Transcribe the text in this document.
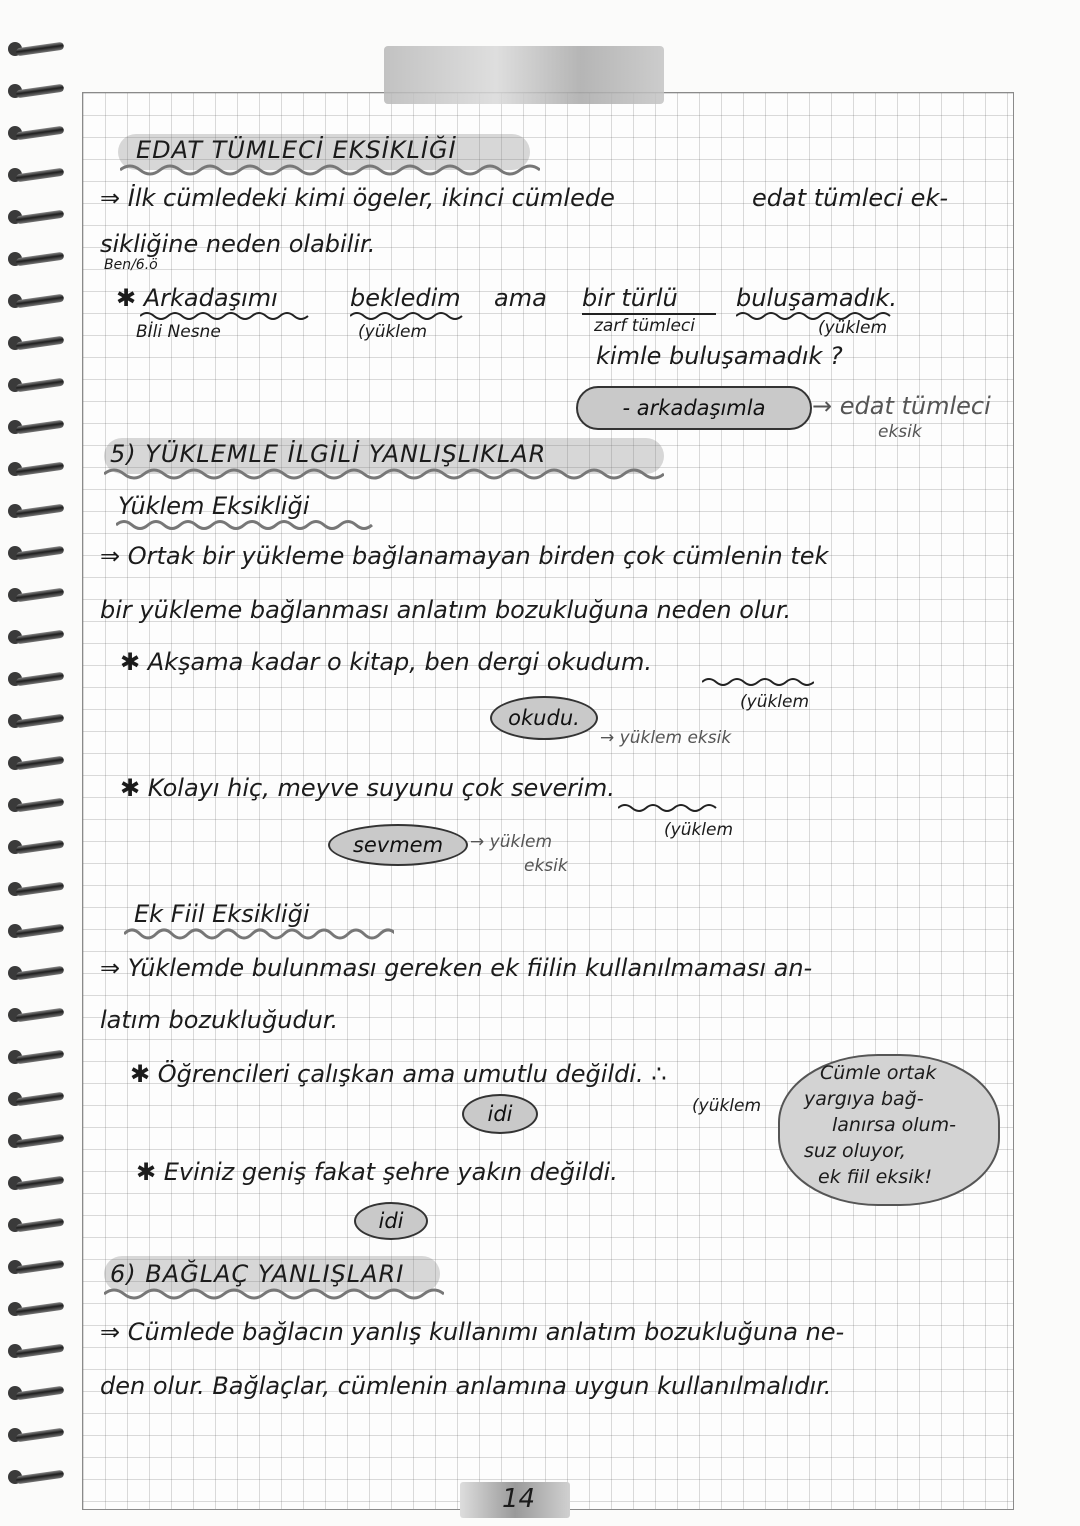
EDAT TÜMLECİ EKSİKLİĞİ
⇒ İlk cümledeki kimi ögeler, ikinci cümlede	edat tümleci ek-
sikliğine neden olabilir.
Ben/6.ö
✱ Arkadaşımı	bekledim ama bir türlü buluşamadık.
Bİli Nesne	(yüklem	zarf tümleci	(yüklem
kimle buluşamadık ?
- arkadaşımla → edat tümleci
eksik
5) YÜKLEMLE İLGİLİ YANLIŞLIKLAR
Yüklem Eksikliği
⇒ Ortak bir yükleme bağlanamayan birden çok cümlenin tek
bir yükleme bağlanması anlatım bozukluğuna neden olur.
✱ Akşama kadar o kitap, ben dergi okudum.
okudu.
(yüklem
→ yüklem eksik
✱ Kolayı hiç, meyve suyunu çok severim.
sevmem → yüklem
eksik
(yüklem
Ek Fiil Eksikliği
⇒ Yüklemde bulunması gereken ek fiilin kullanılmaması an-
latım bozukluğudur.
✱ Öğrencileri çalışkan ama umutlu değildi. ∴
idi	(yüklem
✱ Eviniz geniş fakat şehre yakın değildi.
idi
Cümle ortak
yargıya bağ-
lanırsa olum-
suz oluyor,
ek fiil eksik!
6) BAĞLAÇ YANLIŞLARI
⇒ Cümlede bağlacın yanlış kullanımı anlatım bozukluğuna ne-
den olur. Bağlaçlar, cümlenin anlamına uygun kullanılmalıdır.
14
